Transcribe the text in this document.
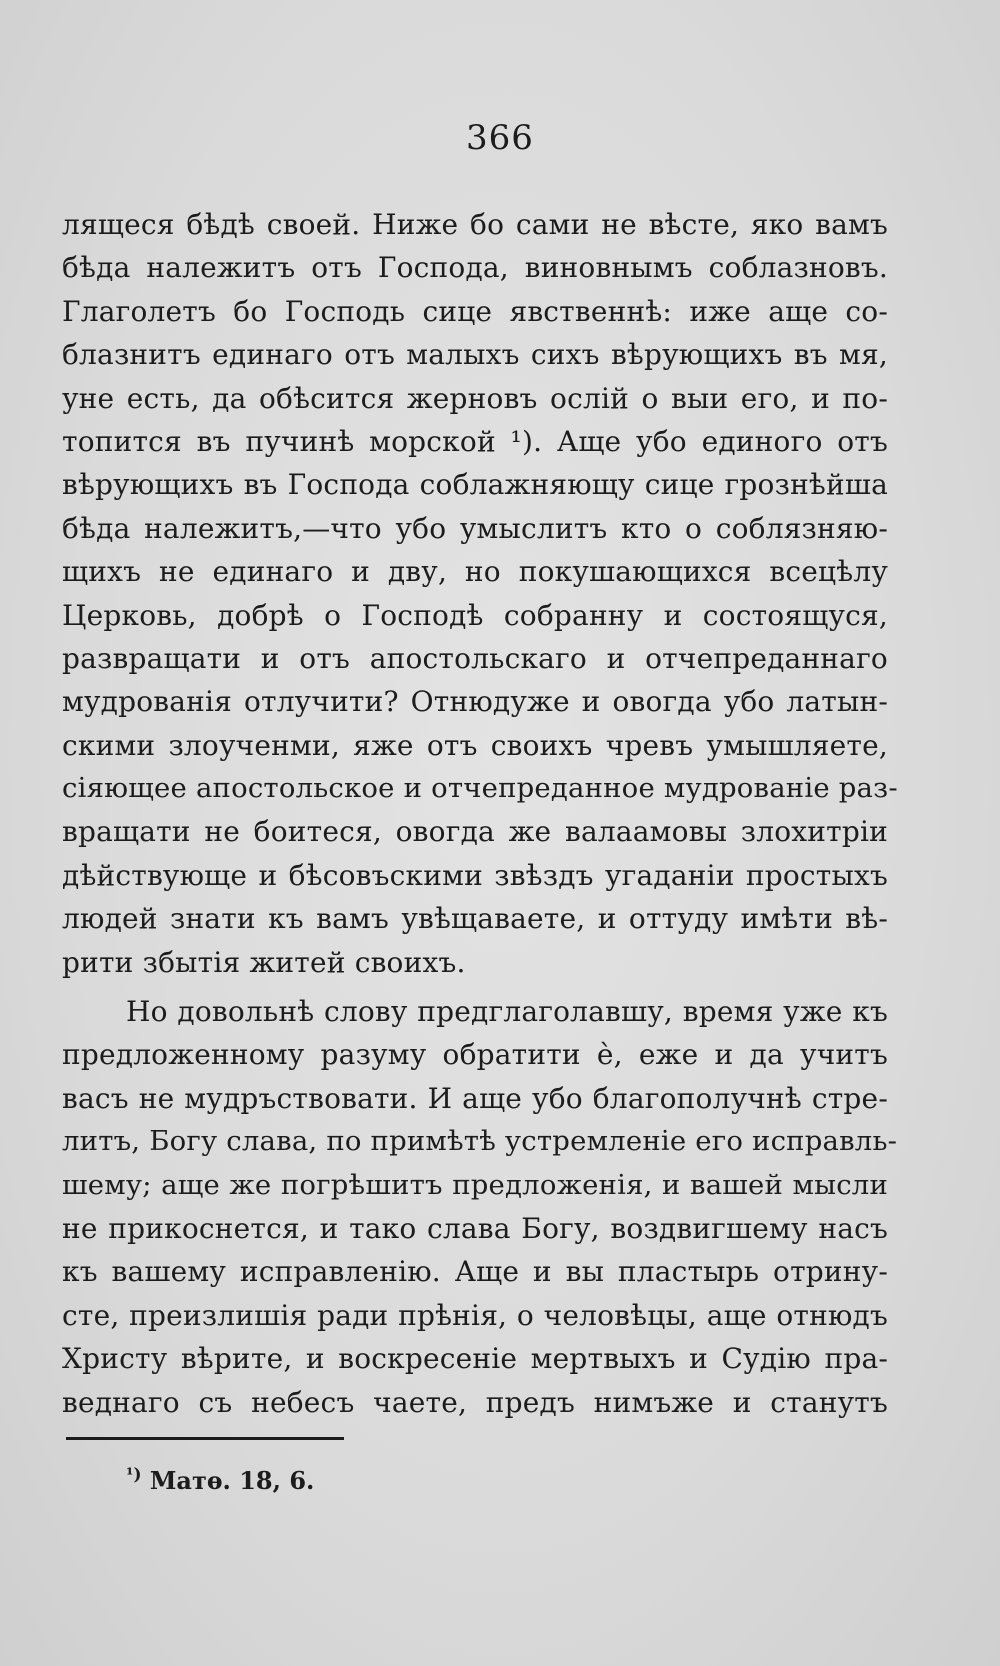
366
лящеся бѣдѣ своей. Ниже бо сами не вѣсте, яко вамъ
бѣда належитъ отъ Господа, виновнымъ соблазновъ.
Глаголетъ бо Господь сице явственнѣ: иже аще со-
блазнитъ единаго отъ малыхъ сихъ вѣрующихъ въ мя,
уне есть, да обѣсится жерновъ ослiй о выи его, и по-
топится въ пучинѣ морской ¹). Аще убо единого отъ
вѣрующихъ въ Господа соблажняющу сице грознѣйша
бѣда належитъ,—что убо умыслитъ кто о соблязняю-
щихъ не единаго и дву, но покушающихся всецѣлу
Церковь, добрѣ о Господѣ собранну и состоящуся,
развращати и отъ апостольскаго и отчепреданнаго
мудрованiя отлучити? Отнюдуже и овогда убо латын-
скими злоученми, яже отъ своихъ чревъ умышляете,
сiяющее апостольское и отчепреданное мудрованiе раз-
вращати не боитеся, овогда же валаамовы злохитрiи
дѣйствующе и бѣсовъскими звѣздъ угаданiи простыхъ
людей знати къ вамъ увѣщаваете, и оттуду имѣти вѣ-
рити збытiя житей своихъ.
Но довольнѣ слову предглаголавшу, время уже къ
предложенному разуму обратити ѐ, еже и да учитъ
васъ не мудръствовати. И аще убо благополучнѣ стре-
литъ, Богу слава, по примѣтѣ устремленiе его исправль-
шему; аще же погрѣшитъ предложенiя, и вашей мысли
не прикоснется, и тако слава Богу, воздвигшему насъ
къ вашему исправленiю. Аще и вы пластырь отрину-
сте, преизлишiя ради прѣнiя, о человѣцы, аще отнюдъ
Христу вѣрите, и воскресенiе мертвыхъ и Судiю пра-
веднаго съ небесъ чаете, предъ нимъже и станутъ
$^{^1)}$ Матѳ. 18, 6.
